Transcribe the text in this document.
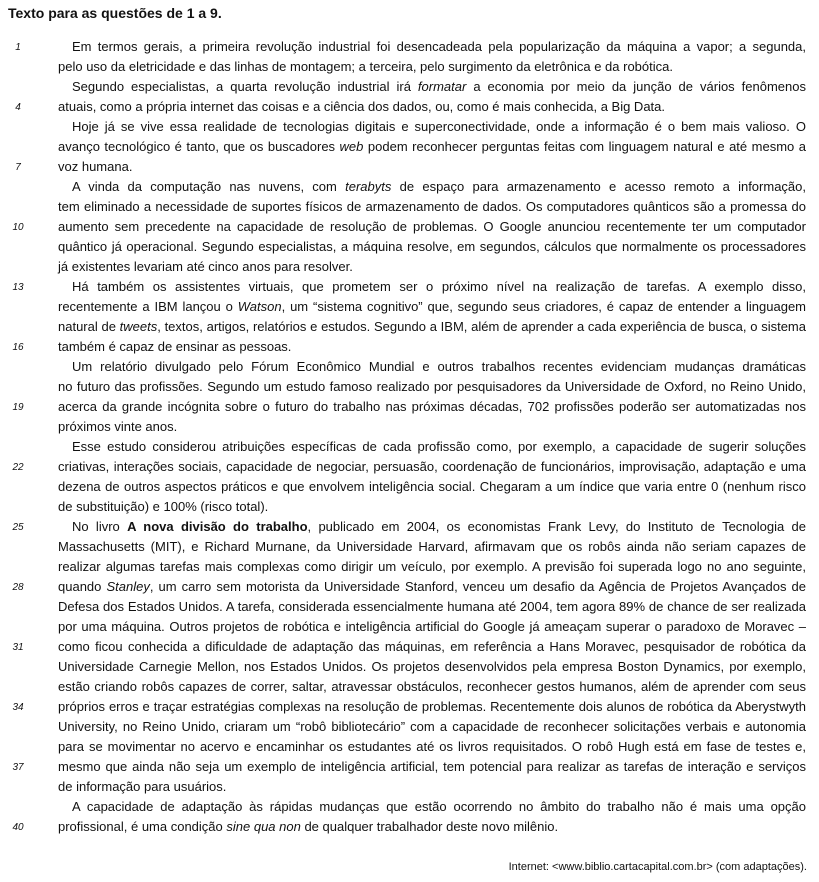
Texto para as questões de 1 a 9.
Em termos gerais, a primeira revolução industrial foi desencadeada pela popularização da máquina a vapor; a segunda,
pelo uso da eletricidade e das linhas de montagem; a terceira, pelo surgimento da eletrônica e da robótica.
Segundo especialistas, a quarta revolução industrial irá formatar a economia por meio da junção de vários fenômenos
atuais, como a própria internet das coisas e a ciência dos dados, ou, como é mais conhecida, a Big Data.
Hoje já se vive essa realidade de tecnologias digitais e superconectividade, onde a informação é o bem mais valioso. O
avanço tecnológico é tanto, que os buscadores web podem reconhecer perguntas feitas com linguagem natural e até mesmo a
voz humana.
A vinda da computação nas nuvens, com terabyts de espaço para armazenamento e acesso remoto a informação,
tem eliminado a necessidade de suportes físicos de armazenamento de dados. Os computadores quânticos são a promessa do
aumento sem precedente na capacidade de resolução de problemas. O Google anunciou recentemente ter um computador
quântico já operacional. Segundo especialistas, a máquina resolve, em segundos, cálculos que normalmente os processadores
já existentes levariam até cinco anos para resolver.
Há também os assistentes virtuais, que prometem ser o próximo nível na realização de tarefas. A exemplo disso,
recentemente a IBM lançou o Watson, um “sistema cognitivo” que, segundo seus criadores, é capaz de entender a linguagem
natural de tweets, textos, artigos, relatórios e estudos. Segundo a IBM, além de aprender a cada experiência de busca, o sistema
também é capaz de ensinar as pessoas.
Um relatório divulgado pelo Fórum Econômico Mundial e outros trabalhos recentes evidenciam mudanças dramáticas
no futuro das profissões. Segundo um estudo famoso realizado por pesquisadores da Universidade de Oxford, no Reino Unido,
acerca da grande incógnita sobre o futuro do trabalho nas próximas décadas, 702 profissões poderão ser automatizadas nos
próximos vinte anos.
Esse estudo considerou atribuições específicas de cada profissão como, por exemplo, a capacidade de sugerir soluções
criativas, interações sociais, capacidade de negociar, persuasão, coordenação de funcionários, improvisação, adaptação e uma
dezena de outros aspectos práticos e que envolvem inteligência social. Chegaram a um índice que varia entre 0 (nenhum risco
de substituição) e 100% (risco total).
No livro A nova divisão do trabalho, publicado em 2004, os economistas Frank Levy, do Instituto de Tecnologia de
Massachusetts (MIT), e Richard Murnane, da Universidade Harvard, afirmavam que os robôs ainda não seriam capazes de
realizar algumas tarefas mais complexas como dirigir um veículo, por exemplo. A previsão foi superada logo no ano seguinte,
quando Stanley, um carro sem motorista da Universidade Stanford, venceu um desafio da Agência de Projetos Avançados de
Defesa dos Estados Unidos. A tarefa, considerada essencialmente humana até 2004, tem agora 89% de chance de ser realizada
por uma máquina. Outros projetos de robótica e inteligência artificial do Google já ameaçam superar o paradoxo de Moravec –
como ficou conhecida a dificuldade de adaptação das máquinas, em referência a Hans Moravec, pesquisador de robótica da
Universidade Carnegie Mellon, nos Estados Unidos. Os projetos desenvolvidos pela empresa Boston Dynamics, por exemplo,
estão criando robôs capazes de correr, saltar, atravessar obstáculos, reconhecer gestos humanos, além de aprender com seus
próprios erros e traçar estratégias complexas na resolução de problemas. Recentemente dois alunos de robótica da Aberystwyth
University, no Reino Unido, criaram um “robô bibliotecário” com a capacidade de reconhecer solicitações verbais e autonomia
para se movimentar no acervo e encaminhar os estudantes até os livros requisitados. O robô Hugh está em fase de testes e,
mesmo que ainda não seja um exemplo de inteligência artificial, tem potencial para realizar as tarefas de interação e serviços
de informação para usuários.
A capacidade de adaptação às rápidas mudanças que estão ocorrendo no âmbito do trabalho não é mais uma opção
profissional, é uma condição sine qua non de qualquer trabalhador deste novo milênio.
1
4
7
10
13
16
19
22
25
28
31
34
37
40
Internet: <www.biblio.cartacapital.com.br> (com adaptações).
